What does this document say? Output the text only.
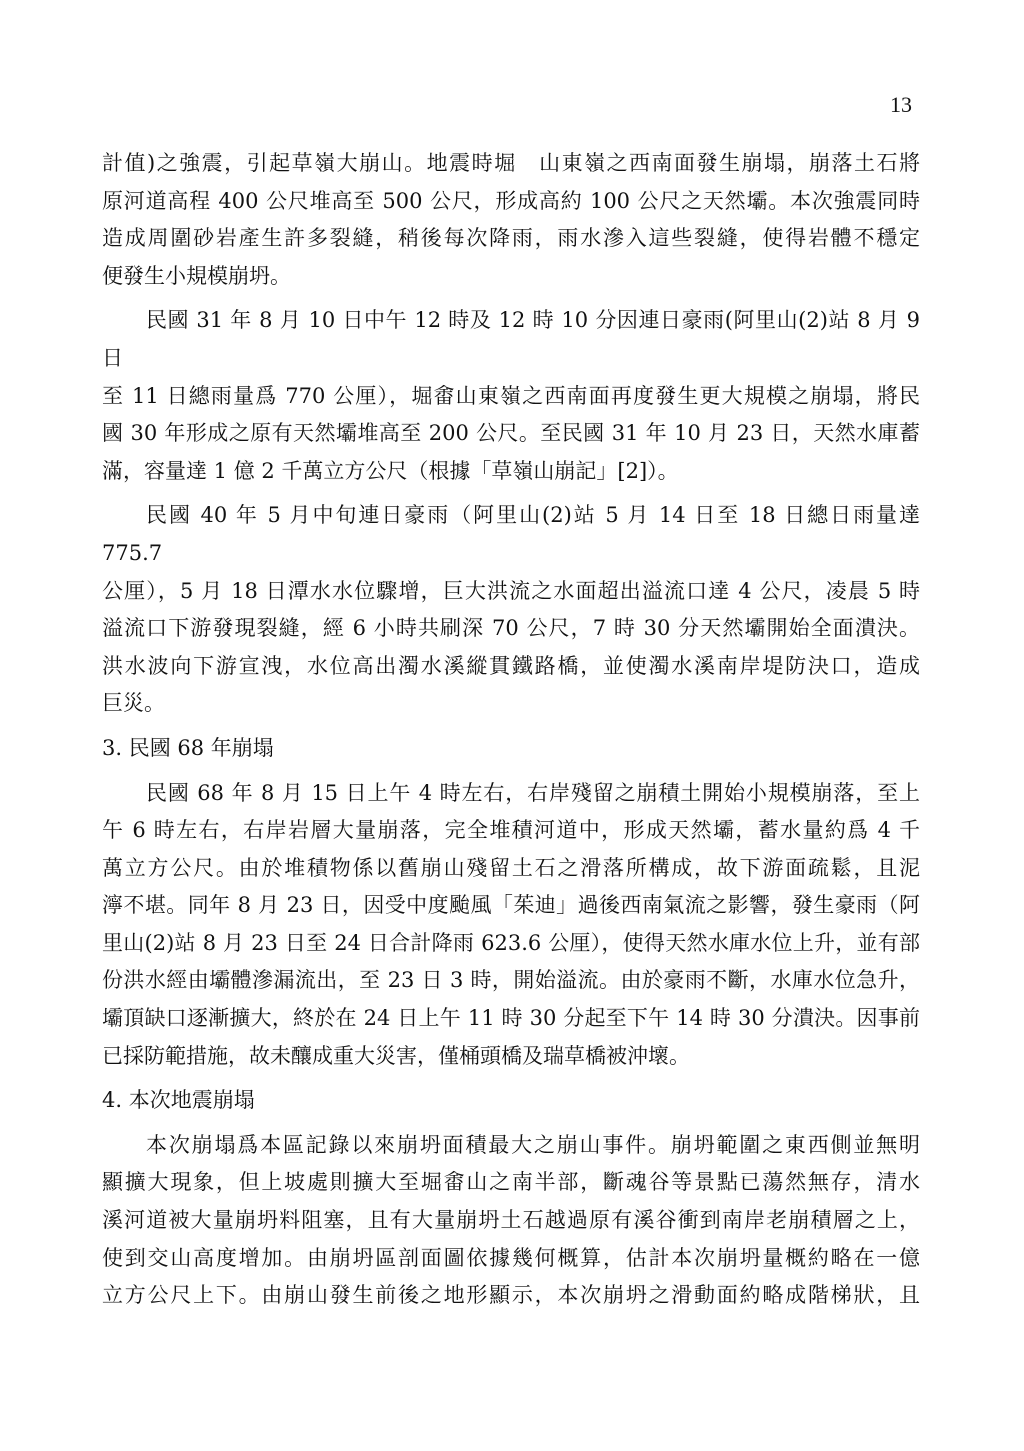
13
計值)之強震，引起草嶺大崩山。地震時堀　山東嶺之西南面發生崩塌，崩落土石將
原河道高程 400 公尺堆高至 500 公尺，形成高約 100 公尺之天然壩。本次強震同時
造成周圍砂岩產生許多裂縫，稍後每次降雨，雨水滲入這些裂縫，使得岩體不穩定
便發生小規模崩坍。
民國 31 年 8 月 10 日中午 12 時及 12 時 10 分因連日豪雨(阿里山(2)站 8 月 9 日
至 11 日總雨量爲 770 公厘），堀畬山東嶺之西南面再度發生更大規模之崩塌，將民
國 30 年形成之原有天然壩堆高至 200 公尺。至民國 31 年 10 月 23 日，天然水庫蓄
滿，容量達 1 億 2 千萬立方公尺（根據「草嶺山崩記」[2]）。
民國 40 年 5 月中旬連日豪雨（阿里山(2)站 5 月 14 日至 18 日總日雨量達 775.7
公厘），5 月 18 日潭水水位驟增，巨大洪流之水面超出溢流口達 4 公尺，凌晨 5 時
溢流口下游發現裂縫，經 6 小時共刷深 70 公尺，7 時 30 分天然壩開始全面潰決。
洪水波向下游宣洩，水位高出濁水溪縱貫鐵路橋，並使濁水溪南岸堤防決口，造成
巨災。
3. 民國 68 年崩塌
民國 68 年 8 月 15 日上午 4 時左右，右岸殘留之崩積土開始小規模崩落，至上
午 6 時左右，右岸岩層大量崩落，完全堆積河道中，形成天然壩，蓄水量約爲 4 千
萬立方公尺。由於堆積物係以舊崩山殘留土石之滑落所構成，故下游面疏鬆，且泥
濘不堪。同年 8 月 23 日，因受中度颱風「茱迪」過後西南氣流之影響，發生豪雨（阿
里山(2)站 8 月 23 日至 24 日合計降雨 623.6 公厘），使得天然水庫水位上升，並有部
份洪水經由壩體滲漏流出，至 23 日 3 時，開始溢流。由於豪雨不斷，水庫水位急升，
壩頂缺口逐漸擴大，終於在 24 日上午 11 時 30 分起至下午 14 時 30 分潰決。因事前
已採防範措施，故未釀成重大災害，僅桶頭橋及瑞草橋被沖壞。
4. 本次地震崩塌
本次崩塌爲本區記錄以來崩坍面積最大之崩山事件。崩坍範圍之東西側並無明
顯擴大現象，但上坡處則擴大至堀畬山之南半部，斷魂谷等景點已蕩然無存，清水
溪河道被大量崩坍料阻塞，且有大量崩坍土石越過原有溪谷衝到南岸老崩積層之上，
使到交山高度增加。由崩坍區剖面圖依據幾何概算，估計本次崩坍量概約略在一億
立方公尺上下。由崩山發生前後之地形顯示，本次崩坍之滑動面約略成階梯狀，且
